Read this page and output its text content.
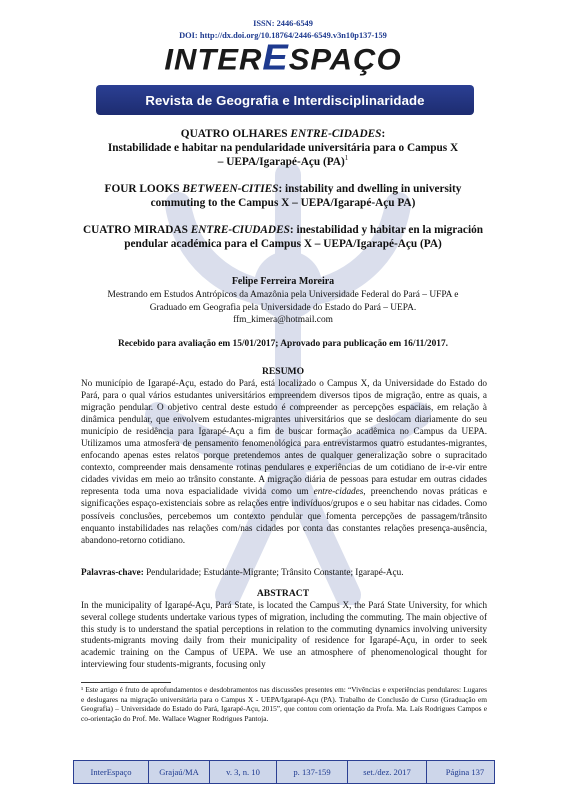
ISSN: 2446-6549
DOI: http://dx.doi.org/10.18764/2446-6549.v3n10p137-159
INTERESPAÇO
Revista de Geografia e Interdisciplinaridade
QUATRO OLHARES ENTRE-CIDADES:
Instabilidade e habitar na pendularidade universitária para o Campus X
– UEPA/Igarapé-Açu (PA)$^1$
FOUR LOOKS BETWEEN-CITIES: instability and dwelling in university commuting to the Campus X – UEPA/Igarapé-Açu PA)
CUATRO MIRADAS ENTRE-CIUDADES: inestabilidad y habitar en la migración pendular académica para el Campus X – UEPA/Igarapé-Açu (PA)
Felipe Ferreira Moreira
Mestrando em Estudos Antrópicos da Amazônia pela Universidade Federal do Pará – UFPA e
Graduado em Geografia pela Universidade do Estado do Pará – UEPA.
ffm_kimera@hotmail.com
Recebido para avaliação em 15/01/2017; Aprovado para publicação em 16/11/2017.
RESUMO
No município de Igarapé-Açu, estado do Pará, está localizado o Campus X, da Universidade do Estado do Pará, para o qual vários estudantes universitários empreendem diversos tipos de migração, entre as quais, a migração pendular. O objetivo central deste estudo é compreender as percepções espaciais, em relação à dinâmica pendular, que envolvem estudantes-migrantes universitários que se deslocam diariamente do seu município de residência para Igarapé-Açu a fim de buscar formação acadêmica no Campus da UEPA. Utilizamos uma atmosfera de pensamento fenomenológica para entrevistarmos quatro estudantes-migrantes, enfocando apenas estes relatos porque pretendemos antes de qualquer generalização sobre o supracitado contexto, compreender mais densamente rotinas pendulares e experiências de um cotidiano de ir-e-vir entre cidades vividas em meio ao trânsito constante. A migração diária de pessoas para estudar em outras cidades representa toda uma nova espacialidade vivida como um entre-cidades, preenchendo novas práticas e significações espaço-existenciais sobre as relações entre indivíduos/grupos e o seu habitar nas cidades. Como possíveis conclusões, percebemos um contexto pendular que fomenta percepções de passagem/trânsito enquanto instabilidades nas relações com/nas cidades por conta das constantes relações presença-ausência, abandono-retorno cotidiano.
Palavras-chave: Pendularidade; Estudante-Migrante; Trânsito Constante; Igarapé-Açu.
ABSTRACT
In the municipality of Igarapé-Açu, Pará State, is located the Campus X, the Pará State University, for which several college students undertake various types of migration, including the commuting. The main objective of this study is to understand the spatial perceptions in relation to the commuting dynamics involving university students-migrants moving daily from their municipality of residence for Igarapé-Açu, in order to seek academic training on the Campus of UEPA. We use an atmosphere of phenomenological thought for interviewing four students-migrants, focusing only
¹ Este artigo é fruto de aprofundamentos e desdobramentos nas discussões presentes em: “Vivências e experiências pendulares: Lugares e deslugares na migração universitária para o Campus X - UEPA/Igarapé-Açu (PA). Trabalho de Conclusão de Curso (Graduação em Geografia) – Universidade do Estado do Pará, Igarapé-Açu, 2015”, que contou com orientação da Profa. Ma. Laís Rodrigues Campos e co-orientação do Prof. Me. Wallace Wagner Rodrigues Pantoja.
InterEspaço	Grajaú/MA	v. 3, n. 10	p. 137-159	set./dez. 2017	Página 137
